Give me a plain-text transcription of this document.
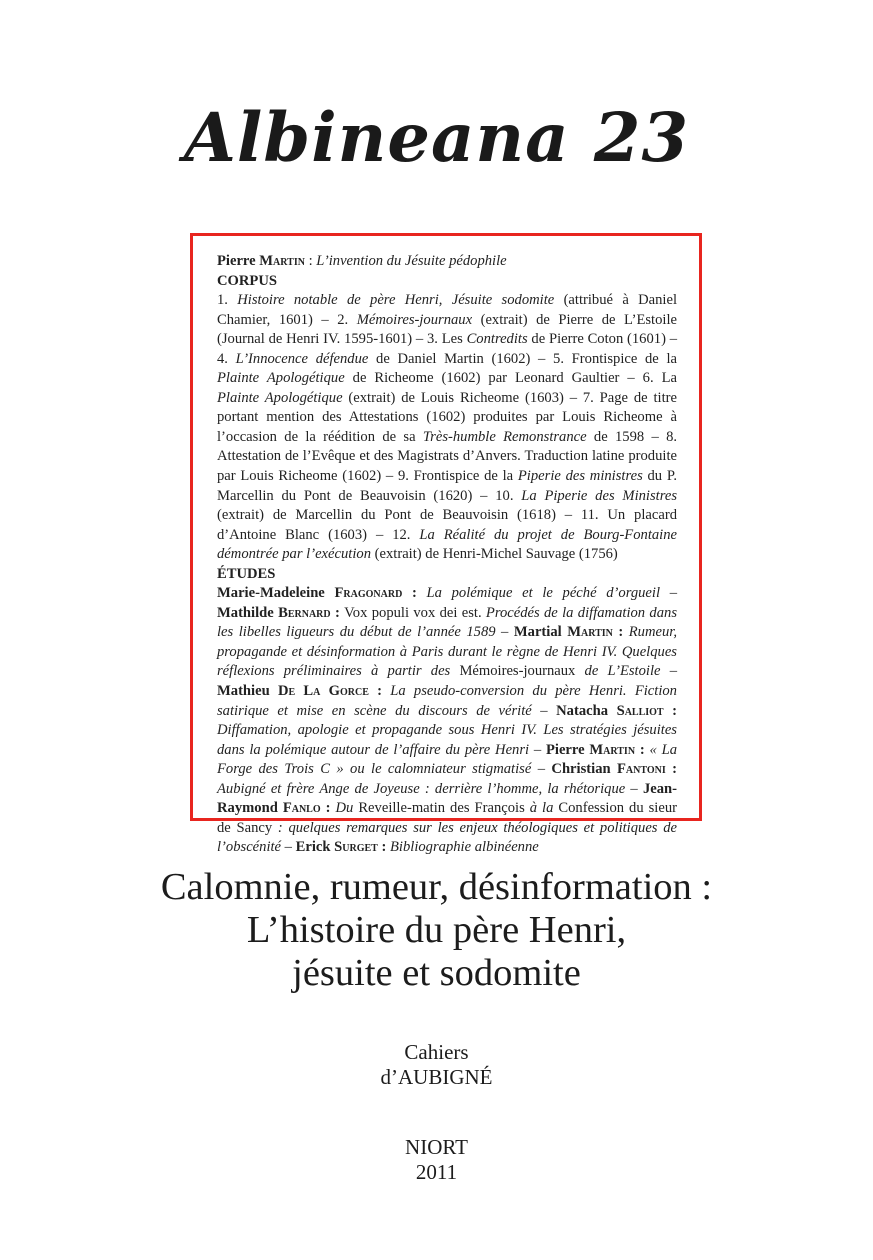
Albineana 23

Pierre Martin : L’invention du Jésuite pédophile

CORPUS

1. Histoire notable de père Henri, Jésuite sodomite (attribué à Daniel Chamier, 1601) – 2. Mémoires-journaux (extrait) de Pierre de L’Estoile (Journal de Henri IV. 1595-1601) – 3. Les Contredits de Pierre Coton (1601) – 4. L’Innocence défendue de Daniel Martin (1602) – 5. Frontispice de la Plainte Apologétique de Richeome (1602) par Leonard Gaultier – 6. La Plainte Apologétique (extrait) de Louis Richeome (1603) – 7. Page de titre portant mention des Attestations (1602) produites par Louis Richeome à l’occasion de la réédition de sa Très-humble Remonstrance de 1598 – 8. Attestation de l’Evêque et des Magistrats d’Anvers. Traduction latine produite par Louis Richeome (1602) – 9. Frontispice de la Piperie des ministres du P. Marcellin du Pont de Beauvoisin (1620) – 10. La Piperie des Ministres (extrait) de Marcellin du Pont de Beauvoisin (1618) – 11. Un placard d’Antoine Blanc (1603) – 12. La Réalité du projet de Bourg-Fontaine démontrée par l’exécution (extrait) de Henri-Michel Sauvage (1756)

ÉTUDES

Marie-Madeleine Fragonard : La polémique et le péché d’orgueil – Mathilde Bernard : Vox populi vox dei est. Procédés de la diffamation dans les libelles ligueurs du début de l’année 1589 – Martial Martin : Rumeur, propagande et désinformation à Paris durant le règne de Henri IV. Quelques réflexions préliminaires à partir des Mémoires-journaux de L’Estoile – Mathieu De La Gorce : La pseudo-conversion du père Henri. Fiction satirique et mise en scène du discours de vérité – Natacha Salliot : Diffamation, apologie et propagande sous Henri IV. Les stratégies jésuites dans la polémique autour de l’affaire du père Henri – Pierre Martin : « La Forge des Trois C » ou le calomniateur stigmatisé – Christian Fantoni : Aubigné et frère Ange de Joyeuse : derrière l’homme, la rhétorique – Jean-Raymond Fanlo : Du Reveille-matin des François à la Confession du sieur de Sancy : quelques remarques sur les enjeux théologiques et politiques de l’obscénité – Erick Surget : Bibliographie albinéenne

Calomnie, rumeur, désinformation :
L’histoire du père Henri,
jésuite et sodomite
Cahiers
d’AUBIGNÉ
NIORT
2011
